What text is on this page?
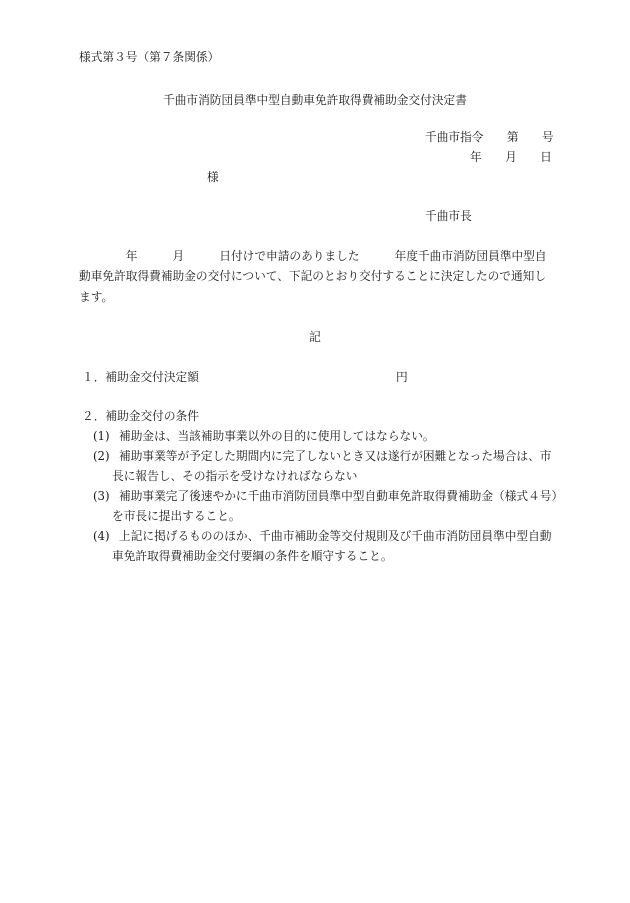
様式第３号（第７条関係）
千曲市消防団員準中型自動車免許取得費補助金交付決定書
千曲市指令　　第　　号
年　　月　　日
様
千曲市長
　　　　年　　　月　　　日付けで申請のありました　　　年度千曲市消防団員準中型自
動車免許取得費補助金の交付について、下記のとおり交付することに決定したので通知し
ます。
記
１．補助金交付決定額	円
２．補助金交付の条件
(1) 補助金は、当該補助事業以外の目的に使用してはならない。
(2) 補助事業等が予定した期間内に完了しないとき又は遂行が困難となった場合は、市
長に報告し、その指示を受けなければならない
(3) 補助事業完了後速やかに千曲市消防団員準中型自動車免許取得費補助金（様式４号）
を市長に提出すること。
(4) 上記に掲げるもののほか、千曲市補助金等交付規則及び千曲市消防団員準中型自動
車免許取得費補助金交付要綱の条件を順守すること。
